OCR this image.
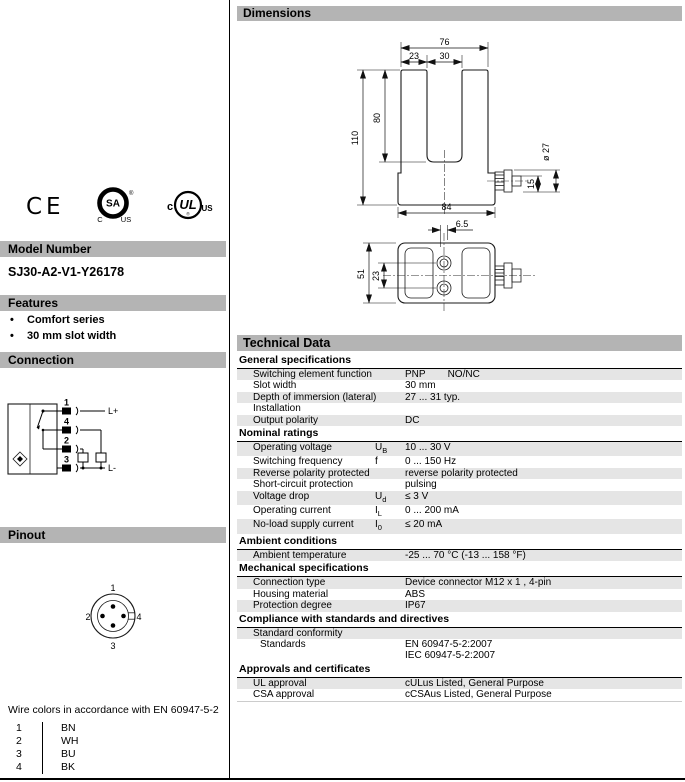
CE	SA
C US
®
UL
c	US
®
Model Number
SJ30-A2-V1-Y26178
Features
•	Comfort series
•	30 mm slot width
Connection
1
4
2
3
L+
L-
Pinout
1
2
3
4
Wire colors in accordance with EN 60947-5-2
1	BN
2	WH
3	BU
4	BK
Dimensions
76
23 30
110
80
84
ø 27
15
51 23
6.5
Technical Data
General specifications
Switching element function	PNP NO/NC
Slot width	30 mm
Depth of immersion (lateral)	27 ... 31 typ.
Installation
Output polarity	DC
Nominal ratings
Operating voltage	$U_B$	10 ... 30 V
Switching frequency	f	0 ... 150 Hz
Reverse polarity protected	reverse polarity protected
Short-circuit protection	pulsing
Voltage drop	$U_d$	≤ 3 V
Operating current	$I_L$	0 ... 200 mA
No-load supply current	$I_0$	≤ 20 mA
Ambient conditions
Ambient temperature	-25 ... 70 °C (-13 ... 158 °F)
Mechanical specifications
Connection type	Device connector M12 x 1 , 4-pin
Housing material	ABS
Protection degree	IP67
Compliance with standards and directives
Standard conformity
Standards	EN 60947-5-2:2007
IEC 60947-5-2:2007
Approvals and certificates
UL approval	cULus Listed, General Purpose
CSA approval	cCSAus Listed, General Purpose
